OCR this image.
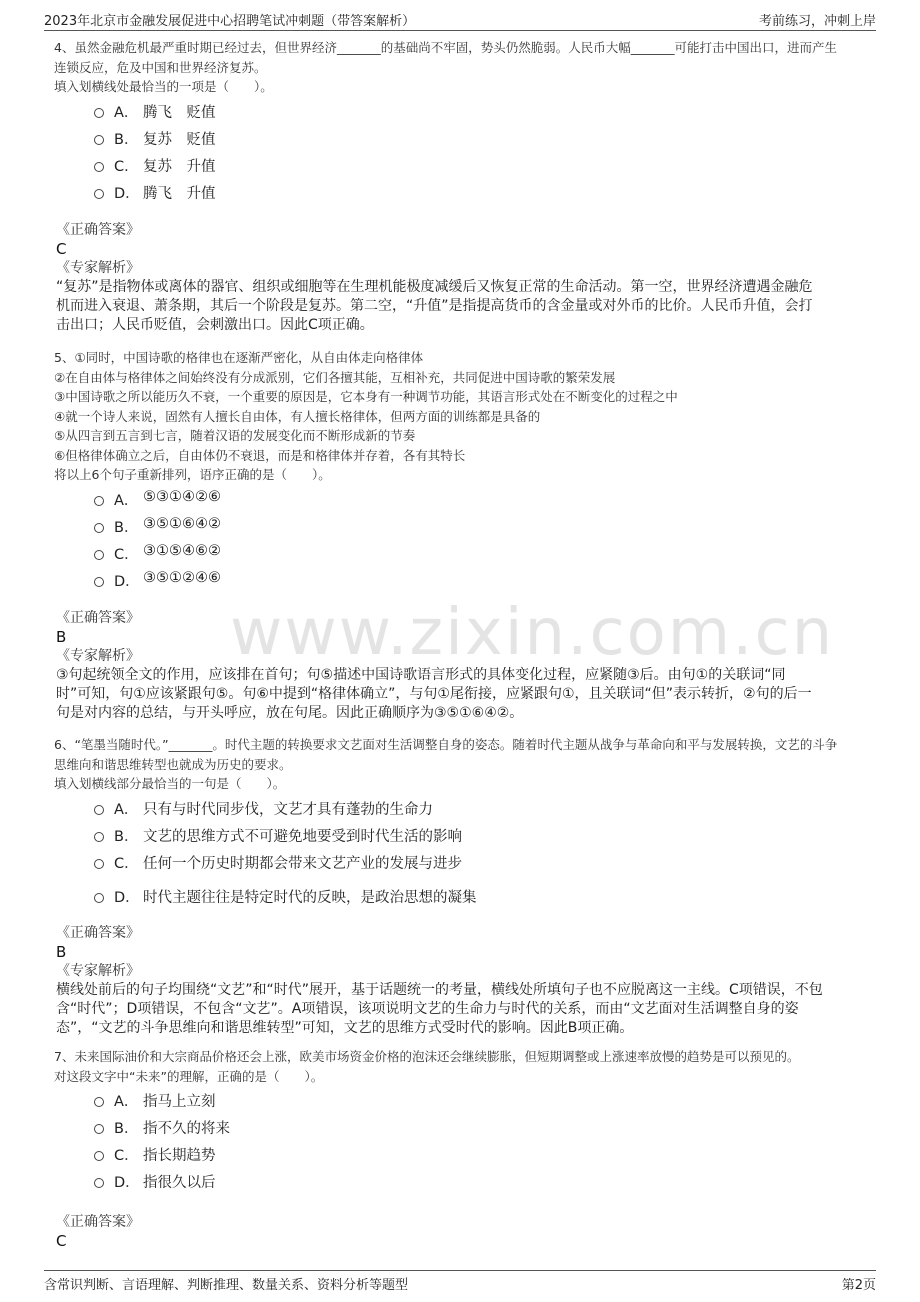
2023年北京市金融发展促进中心招聘笔试冲刺题（带答案解析）	考前练习，冲刺上岸
www.zixin.com.cn

4、虽然金融危机最严重时期已经过去，但世界经济_______的基础尚不牢固，势头仍然脆弱。人民币大幅_______可能打击中国出口，进而产生

连锁反应，危及中国和世界经济复苏。

填入划横线处最恰当的一项是（　　）。

A． 腾飞　贬值
B． 复苏　贬值
C． 复苏　升值
D． 腾飞　升值

《正确答案》

C

《专家解析》

“复苏”是指物体或离体的器官、组织或细胞等在生理机能极度减缓后又恢复正常的生命活动。第一空，世界经济遭遇金融危

机而进入衰退、萧条期，其后一个阶段是复苏。第二空，“升值”是指提高货币的含金量或对外币的比价。人民币升值，会打

击出口；人民币贬值，会刺激出口。因此C项正确。

5、①同时，中国诗歌的格律也在逐渐严密化，从自由体走向格律体

②在自由体与格律体之间始终没有分成派别，它们各擅其能，互相补充，共同促进中国诗歌的繁荣发展

③中国诗歌之所以能历久不衰，一个重要的原因是，它本身有一种调节功能，其语言形式处在不断变化的过程之中

④就一个诗人来说，固然有人擅长自由体，有人擅长格律体，但两方面的训练都是具备的

⑤从四言到五言到七言，随着汉语的发展变化而不断形成新的节奏

⑥但格律体确立之后，自由体仍不衰退，而是和格律体并存着，各有其特长

将以上6个句子重新排列，语序正确的是（　　）。

A． ⑤③①④②⑥
B． ③⑤①⑥④②
C． ③①⑤④⑥②
D． ③⑤①②④⑥

《正确答案》

B

《专家解析》

③句起统领全文的作用，应该排在首句；句⑤描述中国诗歌语言形式的具体变化过程，应紧随③后。由句①的关联词“同

时”可知，句①应该紧跟句⑤。句⑥中提到“格律体确立”，与句①尾衔接，应紧跟句①，且关联词“但”表示转折，②句的后一

句是对内容的总结，与开头呼应，放在句尾。因此正确顺序为③⑤①⑥④②。

6、“笔墨当随时代。”_______。时代主题的转换要求文艺面对生活调整自身的姿态。随着时代主题从战争与革命向和平与发展转换，文艺的斗争

思维向和谐思维转型也就成为历史的要求。

填入划横线部分最恰当的一句是（　　）。

A． 只有与时代同步伐，文艺才具有蓬勃的生命力
B． 文艺的思维方式不可避免地要受到时代生活的影响
C． 任何一个历史时期都会带来文艺产业的发展与进步
D． 时代主题往往是特定时代的反映，是政治思想的凝集

《正确答案》

B

《专家解析》

横线处前后的句子均围绕“文艺”和“时代”展开，基于话题统一的考量，横线处所填句子也不应脱离这一主线。C项错误，不包

含“时代”；D项错误，不包含“文艺”。A项错误，该项说明文艺的生命力与时代的关系，而由“文艺面对生活调整自身的姿

态”，“文艺的斗争思维向和谐思维转型”可知，文艺的思维方式受时代的影响。因此B项正确。

7、未来国际油价和大宗商品价格还会上涨，欧美市场资金价格的泡沫还会继续膨胀，但短期调整或上涨速率放慢的趋势是可以预见的。

对这段文字中“未来”的理解，正确的是（　　）。

A． 指马上立刻
B． 指不久的将来
C． 指长期趋势
D． 指很久以后

《正确答案》

C

含常识判断、言语理解、判断推理、数量关系、资料分析等题型	第2页
